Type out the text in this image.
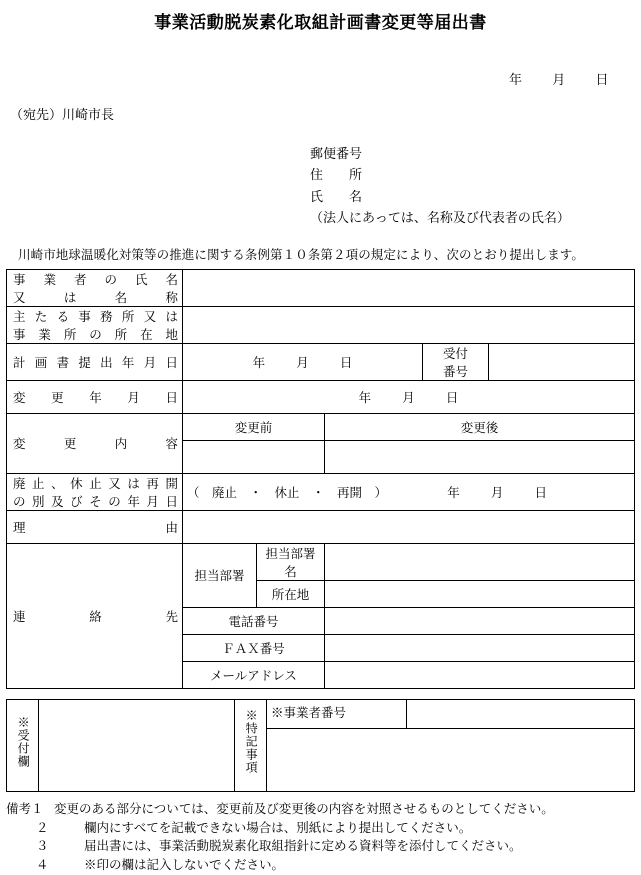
事業活動脱炭素化取組計画書変更等届出書
年 月 日
（宛先）川崎市長
郵便番号
住　　所
氏　　名
（法人にあっては、名称及び代表者の氏名）
川崎市地球温暖化対策等の推進に関する条例第１０条第２項の規定により、次のとおり提出します。
事業者の氏名
又は名称					

主たる事務所又は
事業所の所在地					

計画書提出年月日	年 月 日			受付
番号	

変更年月日	年 月 日				

変更内容	変更前		変更後		

廃止、休止又は再開
の別及びその年月日	（　廃止　・　休止　・　再開　） 年 月 日				

理由					

連絡先	担当部署	担当部署名			
		所在地			
	電話番号				
	ＦＡＸ番号				
	メールアドレス				
※受付欄		※特記事項	※事業者番号	

備考１ 変更のある部分については、変更前及び変更後の内容を対照させるものとしてください。
２	欄内にすべてを記載できない場合は、別紙により提出してください。
３	届出書には、事業活動脱炭素化取組指針に定める資料等を添付してください。
４	※印の欄は記入しないでください。
